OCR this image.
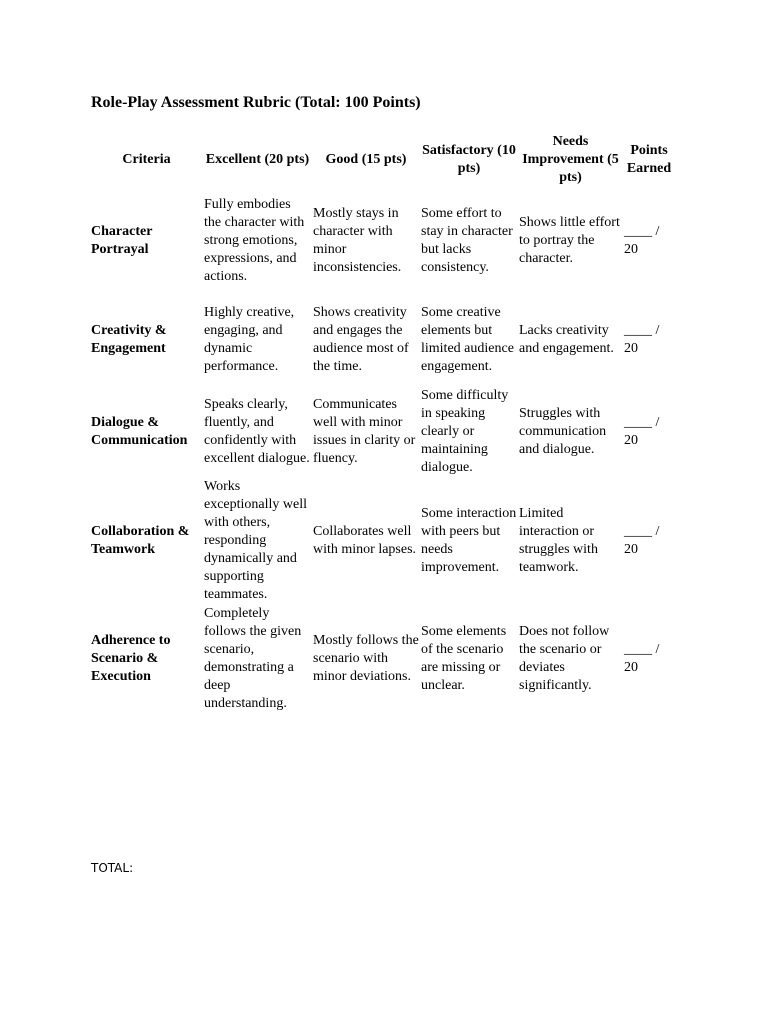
Role-Play Assessment Rubric (Total: 100 Points)
Criteria	Excellent (20 pts)	Good (15 pts)	Satisfactory (10 pts)	Needs Improvement (5 pts)	Points Earned
Character Portrayal	Fully embodies the character with strong emotions, expressions, and actions.	Mostly stays in character with minor inconsistencies.	Some effort to stay in character but lacks consistency.	Shows little effort to portray the character.	____ / 20
Creativity & Engagement	Highly creative, engaging, and dynamic performance.	Shows creativity and engages the audience most of the time.	Some creative elements but limited audience engagement.	Lacks creativity and engagement.	____ / 20
Dialogue & Communication	Speaks clearly, fluently, and confidently with excellent dialogue.	Communicates well with minor issues in clarity or fluency.	Some difficulty in speaking clearly or maintaining dialogue.	Struggles with communication and dialogue.	____ / 20
Collaboration & Teamwork	Works exceptionally well with others, responding dynamically and supporting teammates.	Collaborates well with minor lapses.	Some interaction with peers but needs improvement.	Limited interaction or struggles with teamwork.	____ / 20
Adherence to Scenario & Execution	Completely follows the given scenario, demonstrating a deep understanding.	Mostly follows the scenario with minor deviations.	Some elements of the scenario are missing or unclear.	Does not follow the scenario or deviates significantly.	____ / 20
TOTAL:
